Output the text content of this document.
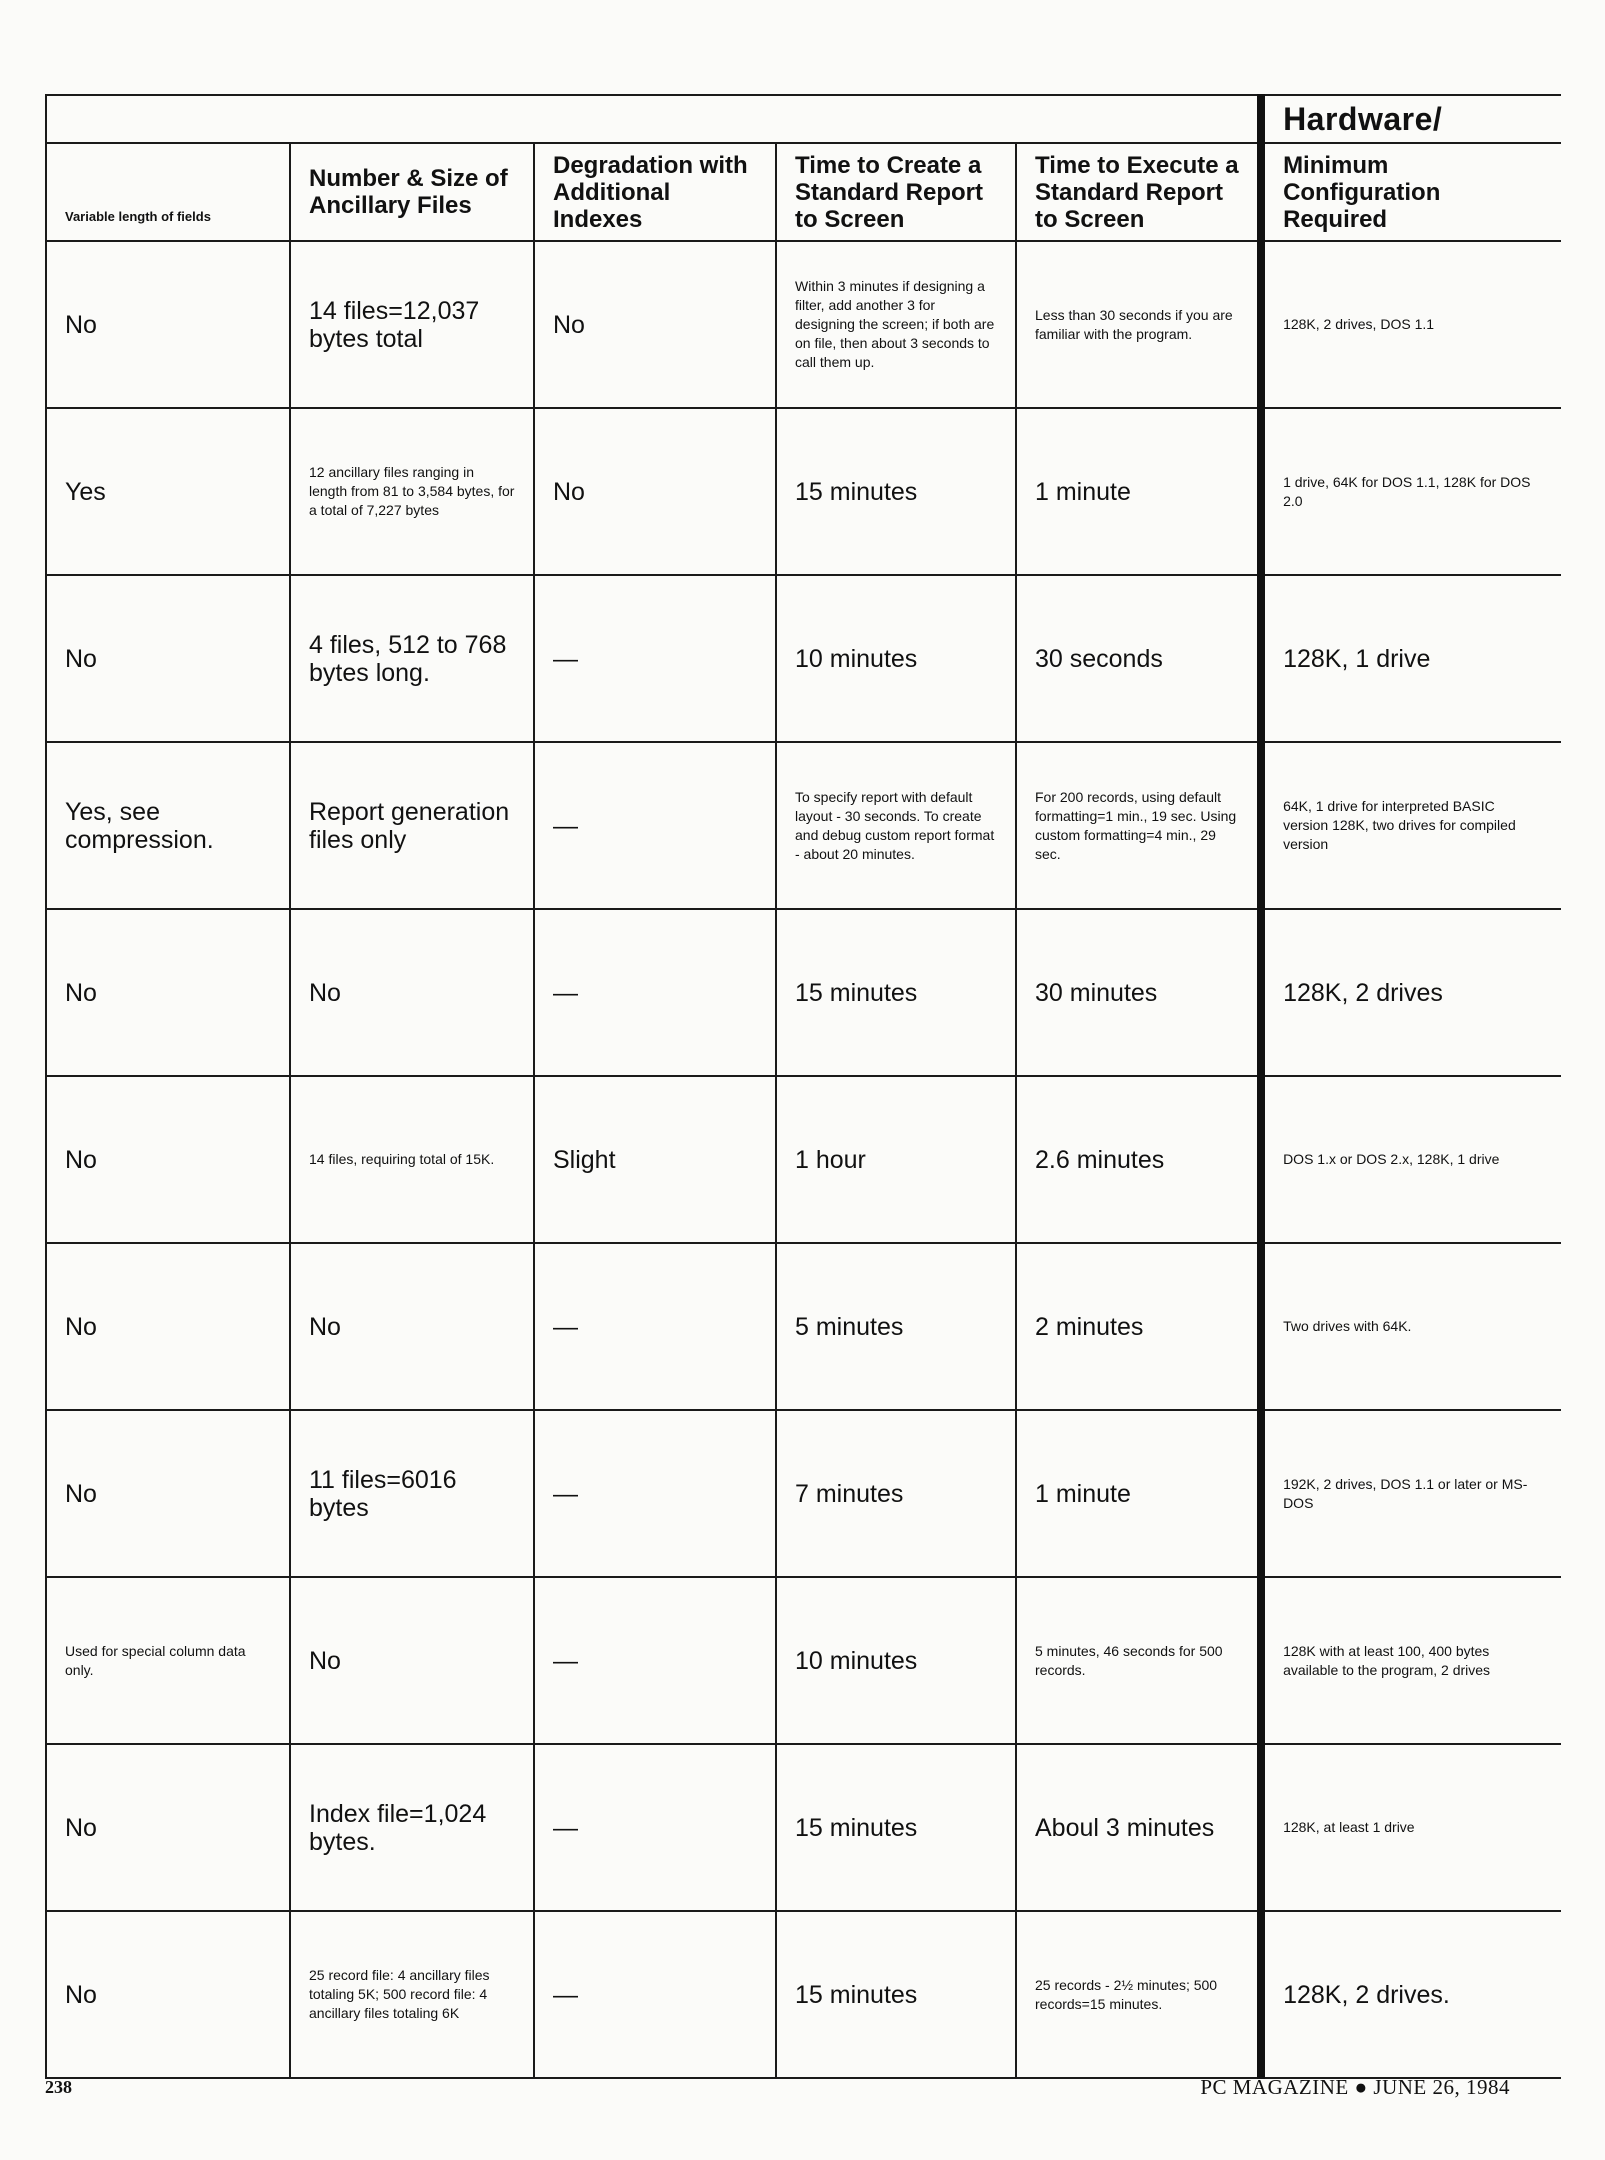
					Hardware/
Variable length of fields	Number & Size of Ancillary Files	Degradation with Additional Indexes	Time to Create a Standard Report to Screen	Time to Execute a Standard Report to Screen	Minimum Configuration Required
No	14 files=12,037 bytes total	No	Within 3 minutes if designing a filter, add another 3 for designing the screen; if both are on file, then about 3 seconds to call them up.	Less than 30 seconds if you are familiar with the program.	128K, 2 drives, DOS 1.1
Yes	12 ancillary files ranging in length from 81 to 3,584 bytes, for a total of 7,227 bytes	No	15 minutes	1 minute	1 drive, 64K for DOS 1.1, 128K for DOS 2.0
No	4 files, 512 to 768 bytes long.	—	10 minutes	30 seconds	128K, 1 drive
Yes, see compression.	Report generation files only	—	To specify report with default layout - 30 seconds. To create and debug custom report format - about 20 minutes.	For 200 records, using default formatting=1 min., 19 sec. Using custom formatting=4 min., 29 sec.	64K, 1 drive for interpreted BASIC version 128K, two drives for compiled version
No	No	—	15 minutes	30 minutes	128K, 2 drives
No	14 files, requiring total of 15K.	Slight	1 hour	2.6 minutes	DOS 1.x or DOS 2.x, 128K, 1 drive
No	No	—	5 minutes	2 minutes	Two drives with 64K.
No	11 files=6016 bytes	—	7 minutes	1 minute	192K, 2 drives, DOS 1.1 or later or MS-DOS
Used for special column data only.	No	—	10 minutes	5 minutes, 46 seconds for 500 records.	128K with at least 100, 400 bytes available to the program, 2 drives
No	Index file=1,024 bytes.	—	15 minutes	Aboul 3 minutes	128K, at least 1 drive
No	25 record file: 4 ancillary files totaling 5K; 500 record file: 4 ancillary files totaling 6K	—	15 minutes	25 records - 2½ minutes; 500 records=15 minutes.	128K, 2 drives.
238	PC MAGAZINE ● JUNE 26, 1984
